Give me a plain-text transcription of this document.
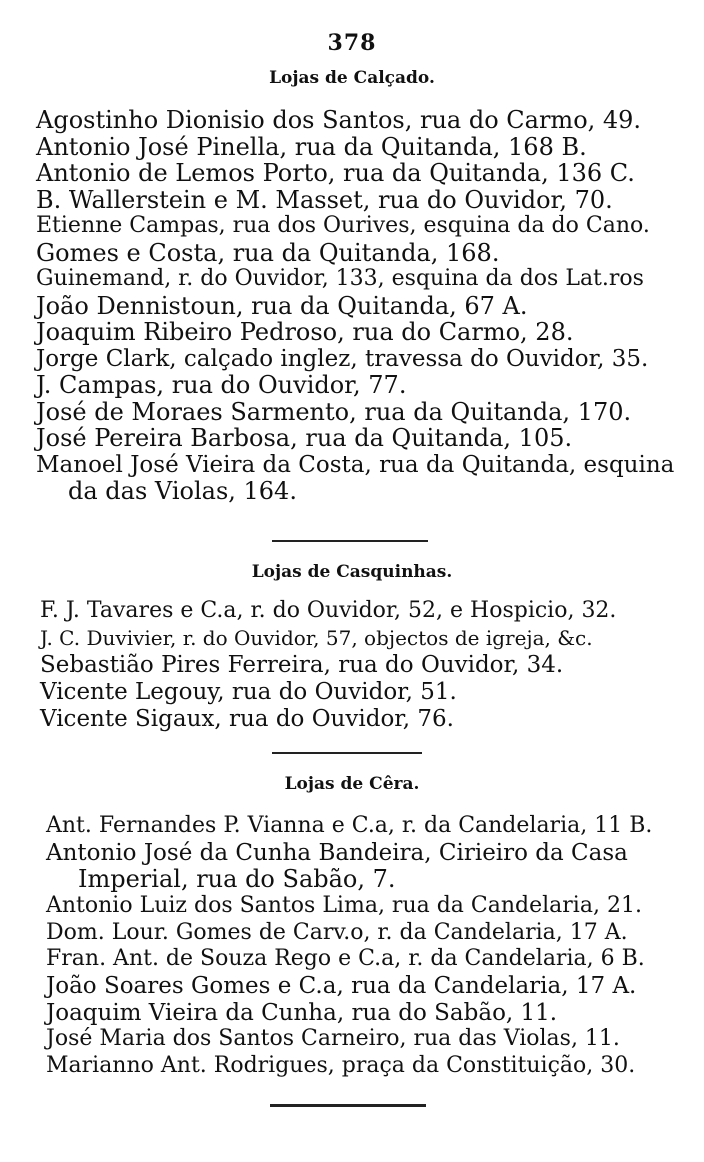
378
Lojas de Calçado.
Agostinho Dionisio dos Santos, rua do Carmo, 49.
Antonio José Pinella, rua da Quitanda, 168 B.
Antonio de Lemos Porto, rua da Quitanda, 136 C.
B. Wallerstein e M. Masset, rua do Ouvidor, 70.
Etienne Campas, rua dos Ourives, esquina da do Cano.
Gomes e Costa, rua da Quitanda, 168.
Guinemand, r. do Ouvidor, 133, esquina da dos Lat.ros
João Dennistoun, rua da Quitanda, 67 A.
Joaquim Ribeiro Pedroso, rua do Carmo, 28.
Jorge Clark, calçado inglez, travessa do Ouvidor, 35.
J. Campas, rua do Ouvidor, 77.
José de Moraes Sarmento, rua da Quitanda, 170.
José Pereira Barbosa, rua da Quitanda, 105.
Manoel José Vieira da Costa, rua da Quitanda, esquina
da das Violas, 164.
Lojas de Casquinhas.
F. J. Tavares e C.a, r. do Ouvidor, 52, e Hospicio, 32.
J. C. Duvivier, r. do Ouvidor, 57, objectos de igreja, &c.
Sebastião Pires Ferreira, rua do Ouvidor, 34.
Vicente Legouy, rua do Ouvidor, 51.
Vicente Sigaux, rua do Ouvidor, 76.
Lojas de Cêra.
Ant. Fernandes P. Vianna e C.a, r. da Candelaria, 11 B.
Antonio José da Cunha Bandeira, Cirieiro da Casa
Imperial, rua do Sabão, 7.
Antonio Luiz dos Santos Lima, rua da Candelaria, 21.
Dom. Lour. Gomes de Carv.o, r. da Candelaria, 17 A.
Fran. Ant. de Souza Rego e C.a, r. da Candelaria, 6 B.
João Soares Gomes e C.a, rua da Candelaria, 17 A.
Joaquim Vieira da Cunha, rua do Sabão, 11.
José Maria dos Santos Carneiro, rua das Violas, 11.
Marianno Ant. Rodrigues, praça da Constituição, 30.
